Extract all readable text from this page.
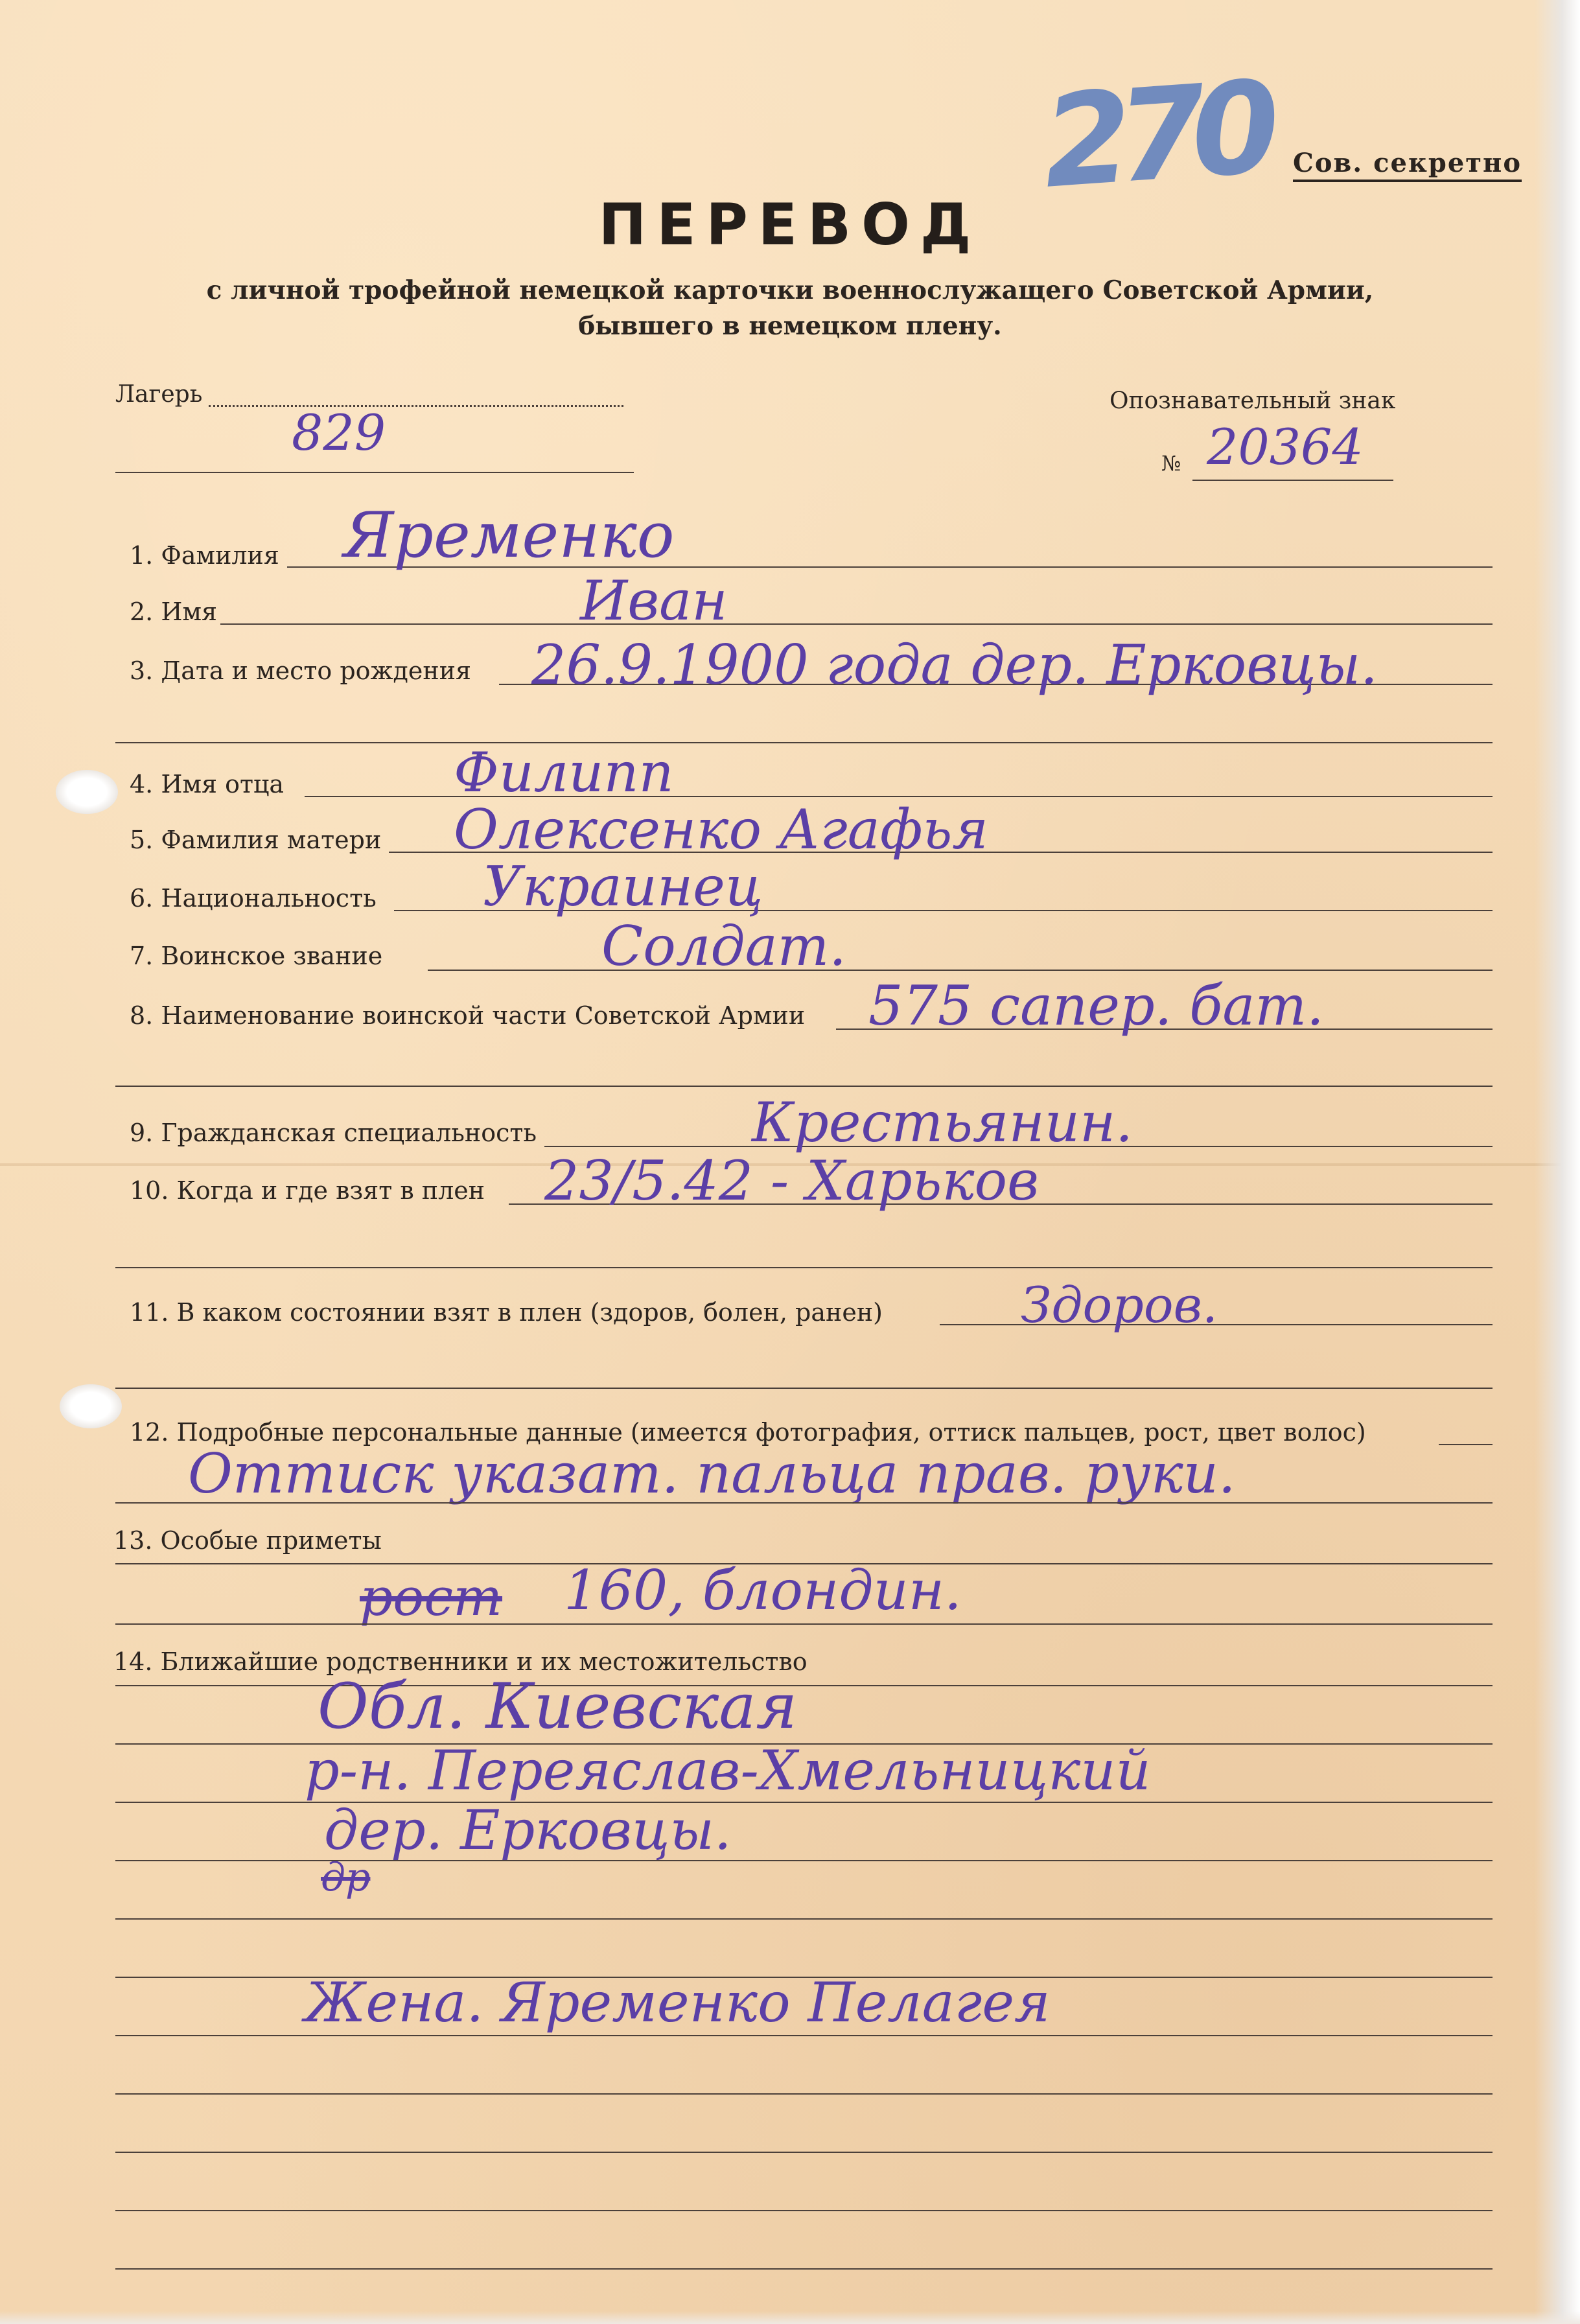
270 Сов. секретно
ПЕРЕВОД
с личной трофейной немецкой карточки военнослужащего Советской Армии,
бывшего в немецком плену.
Лагерь
829
Опознавательный знак
№ 20364
1. Фамилия Яременко
2. Имя	Иван
3. Дата и место рождения 26.9.1900 года дер. Ерковцы.
4. Имя отца	Филипп
5. Фамилия матери Олексенко Агафья
6. Национальность Украинец
7. Воинское звание	Солдат.
8. Наименование воинской части Советской Армии 575 сапер. бат.
9. Гражданская специальность	Крестьянин.
10. Когда и где взят в плен 23/5.42 - Харьков
11. В каком состоянии взят в плен (здоров, болен, ранен)	Здоров.
12. Подробные персональные данные (имеется фотография, оттиск пальцев, рост, цвет волос)
Оттиск указат. пальца прав. руки.
13. Особые приметы
рост 160, блондин.
14. Ближайшие родственники и их местожительство
Обл. Киевская
р-н. Переяслав-Хмельницкий
дер. Ерковцы.
др
Жена. Яременко Пелагея
